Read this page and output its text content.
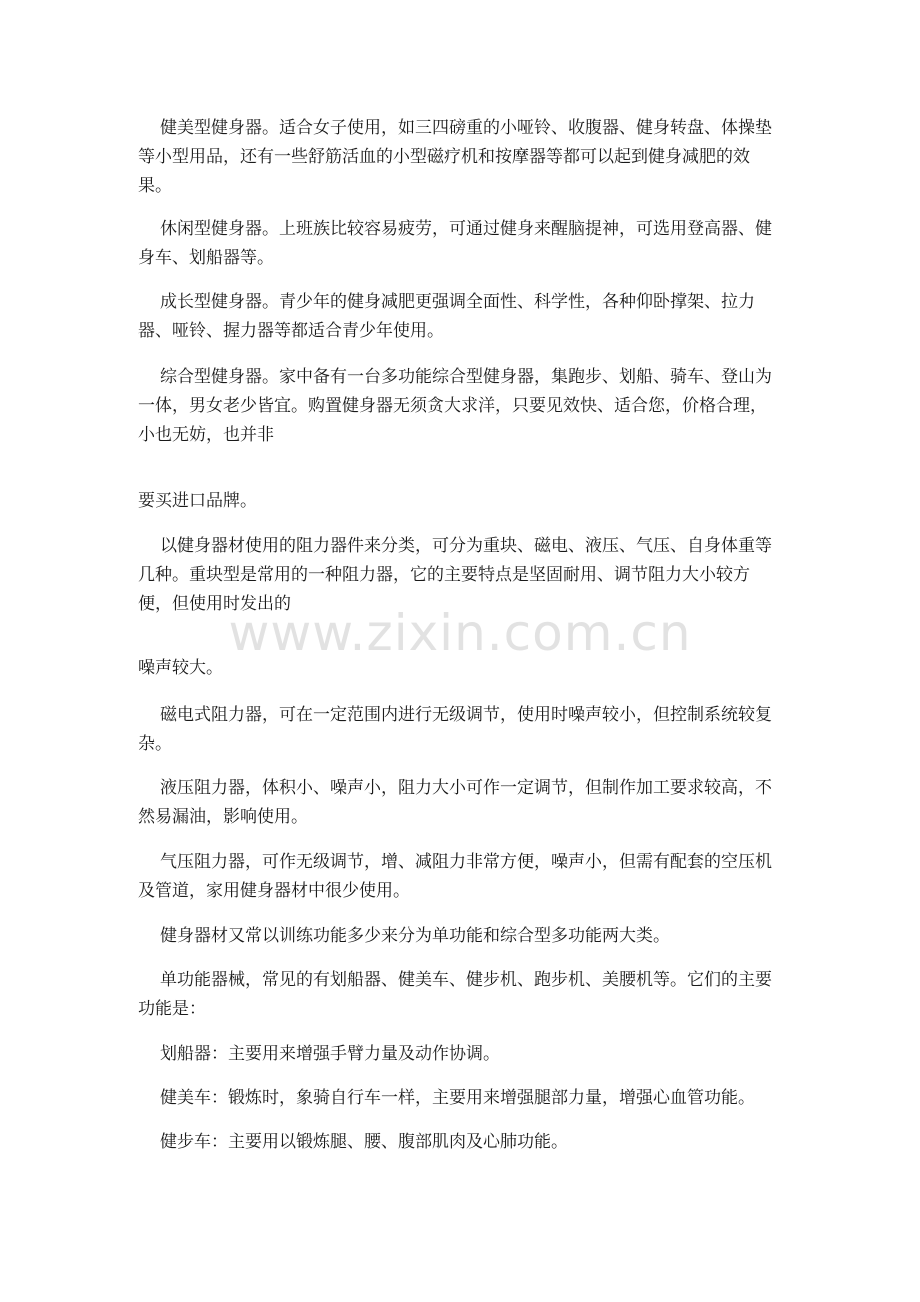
健美型健身器。适合女子使用，如三四磅重的小哑铃、收腹器、健身转盘、体操垫等小型用品，还有一些舒筋活血的小型磁疗机和按摩器等都可以起到健身减肥的效果。

休闲型健身器。上班族比较容易疲劳，可通过健身来醒脑提神，可选用登高器、健身车、划船器等。

成长型健身器。青少年的健身减肥更强调全面性、科学性，各种仰卧撑架、拉力器、哑铃、握力器等都适合青少年使用。

综合型健身器。家中备有一台多功能综合型健身器，集跑步、划船、骑车、登山为一体，男女老少皆宜。购置健身器无须贪大求洋，只要见效快、适合您，价格合理，小也无妨，也并非

要买进口品牌。

以健身器材使用的阻力器件来分类，可分为重块、磁电、液压、气压、自身体重等几种。重块型是常用的一种阻力器，它的主要特点是坚固耐用、调节阻力大小较方便，但使用时发出的

噪声较大。

磁电式阻力器，可在一定范围内进行无级调节，使用时噪声较小，但控制系统较复杂。

液压阻力器，体积小、噪声小，阻力大小可作一定调节，但制作加工要求较高，不然易漏油，影响使用。

气压阻力器，可作无级调节，增、减阻力非常方便，噪声小，但需有配套的空压机及管道，家用健身器材中很少使用。

健身器材又常以训练功能多少来分为单功能和综合型多功能两大类。

单功能器械，常见的有划船器、健美车、健步机、跑步机、美腰机等。它们的主要功能是：

划船器：主要用来增强手臂力量及动作协调。

健美车：锻炼时，象骑自行车一样，主要用来增强腿部力量，增强心血管功能。

健步车：主要用以锻炼腿、腰、腹部肌肉及心肺功能。

www.zixin.com.cn
